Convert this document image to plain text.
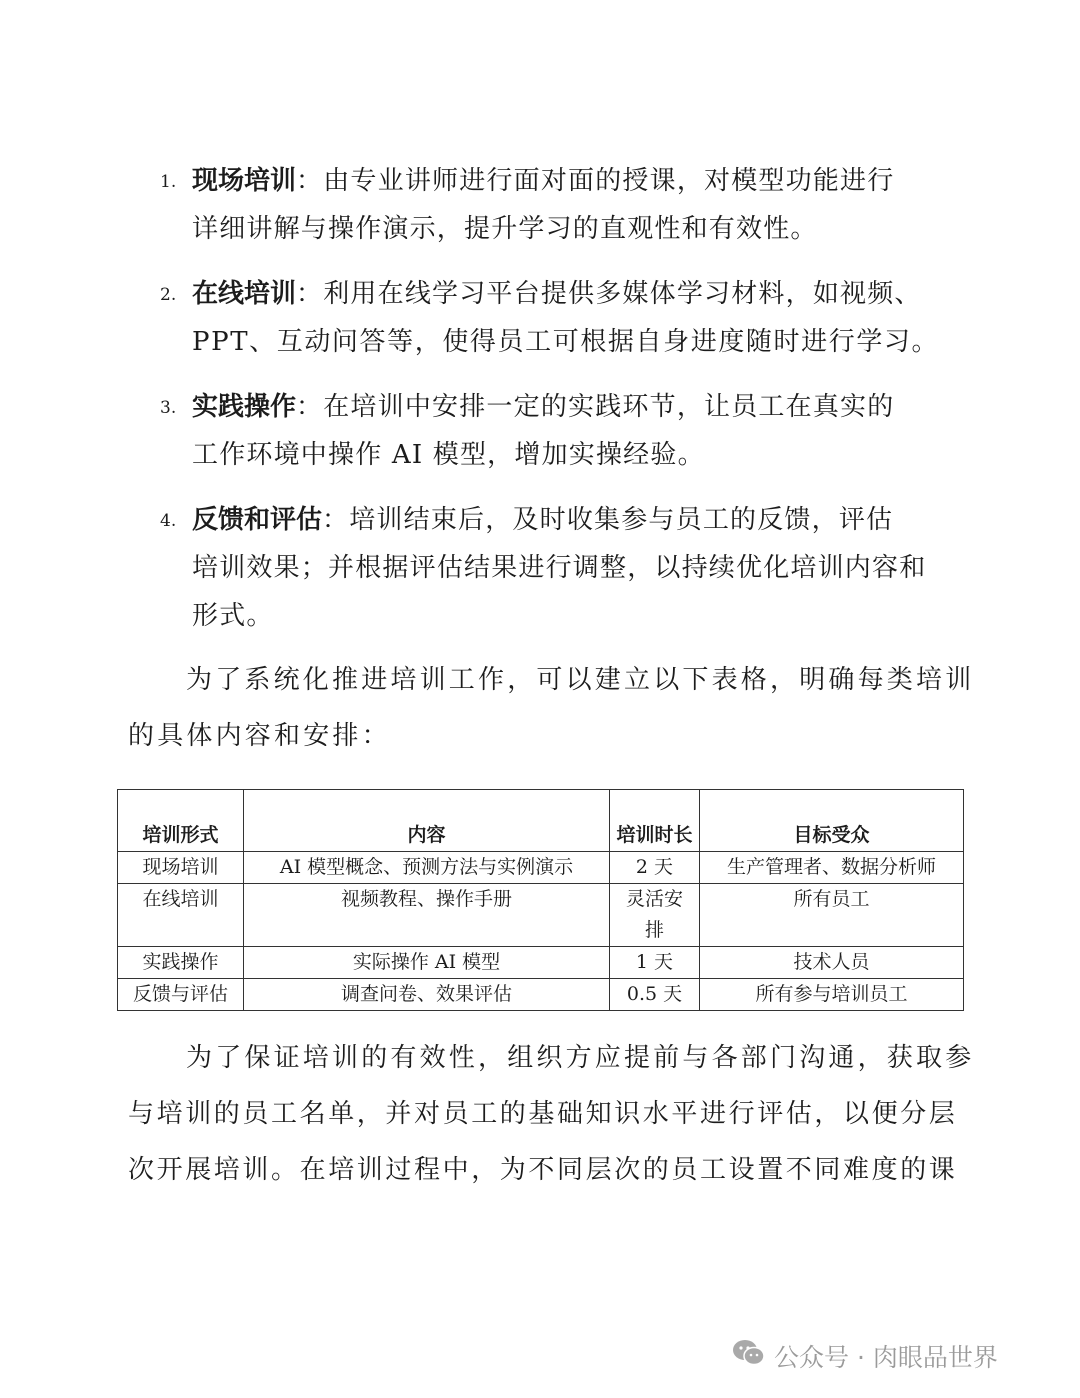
1. 现场培训：由专业讲师进行面对面的授课，对模型功能进行
详细讲解与操作演示，提升学习的直观性和有效性。
2. 在线培训：利用在线学习平台提供多媒体学习材料，如视频、
PPT、互动问答等，使得员工可根据自身进度随时进行学习。
3. 实践操作：在培训中安排一定的实践环节，让员工在真实的
工作环境中操作 AI 模型，增加实操经验。
4. 反馈和评估：培训结束后，及时收集参与员工的反馈，评估
培训效果；并根据评估结果进行调整，以持续优化培训内容和
形式。
为了系统化推进培训工作，可以建立以下表格，明确每类培训
的具体内容和安排：
培训形式	内容	培训时长	目标受众
现场培训	AI 模型概念、预测方法与实例演示	2 天	生产管理者、数据分析师
在线培训	视频教程、操作手册	灵活安排	所有员工
实践操作	实际操作 AI 模型	1 天	技术人员
反馈与评估	调查问卷、效果评估	0.5 天	所有参与培训员工
为了保证培训的有效性，组织方应提前与各部门沟通，获取参
与培训的员工名单，并对员工的基础知识水平进行评估，以便分层
次开展培训。在培训过程中，为不同层次的员工设置不同难度的课
公众号 · 肉眼品世界
